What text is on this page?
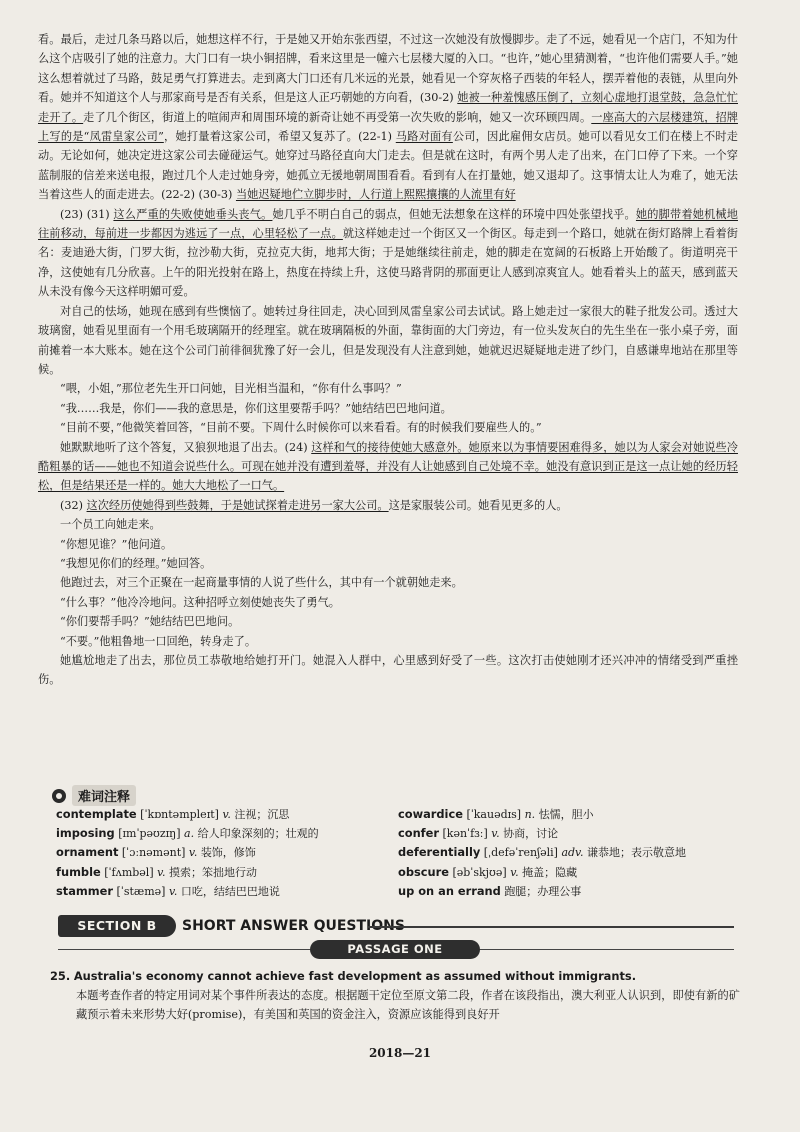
看。最后，走过几条马路以后，她想这样不行，于是她又开始东张西望，不过这一次她没有放慢脚步。走了不远，她看见一个店门，不知为什么这个店吸引了她的注意力。大门口有一块小铜招牌，看来这里是一幢六七层楼大厦的入口。“也许，”她心里猜测着，“也许他们需要人手。”她这么想着就过了马路，鼓足勇气打算进去。走到离大门口还有几米远的光景，她看见一个穿灰格子西装的年轻人，摆弄着他的表链，从里向外看。她并不知道这个人与那家商号是否有关系，但是这人正巧朝她的方向看，(30-2) 她被一种羞愧感压倒了，立刻心虚地打退堂鼓，急急忙忙走开了。走了几个街区，街道上的喧闹声和周围环境的新奇让她不再受第一次失败的影响，她又一次环顾四周。一座高大的六层楼建筑，招牌上写的是“凤雷皇家公司”，她打量着这家公司，希望又复苏了。(22-1) 马路对面有公司，因此雇佣女店员。她可以看见女工们在楼上不时走动。无论如何，她决定进这家公司去碰碰运气。她穿过马路径直向大门走去。但是就在这时，有两个男人走了出来，在门口停了下来。一个穿蓝制服的信差来送电报，跑过几个人走过她身旁，她孤立无援地朝周围看看。看到有人在打量她，她又退却了。这事情太让人为难了，她无法当着这些人的面走进去。(22-2) (30-3) 当她迟疑地伫立脚步时，人行道上熙熙攘攘的人流里有好

(23) (31) 这么严重的失败使她垂头丧气。她几乎不明白自己的弱点，但她无法想象在这样的环境中四处张望找乎。她的脚带着她机械地往前移动，每前进一步都因为逃远了一点，心里轻松了一点。就这样她走过一个街区又一个街区。每走到一个路口，她就在街灯路牌上看着街名：麦迪逊大街，门罗大街，拉沙勒大街，克拉克大街，地邦大街；于是她继续往前走，她的脚走在宽阔的石板路上开始酸了。街道明亮干净，这使她有几分欣喜。上午的阳光投射在路上，热度在持续上升，这使马路背阴的那面更让人感到凉爽宜人。她看着头上的蓝天，感到蓝天从未没有像今天这样明媚可爱。

对自己的怯场，她现在感到有些懊恼了。她转过身往回走，决心回到凤雷皇家公司去试试。路上她走过一家很大的鞋子批发公司。透过大玻璃窗，她看见里面有一个用毛玻璃隔开的经理室。就在玻璃隔板的外面，靠街面的大门旁边，有一位头发灰白的先生坐在一张小桌子旁，面前摊着一本大账本。她在这个公司门前徘徊犹豫了好一会儿，但是发现没有人注意到她，她就迟迟疑疑地走进了纱门，自感谦卑地站在那里等候。

“喂，小姐，”那位老先生开口问她，目光相当温和，“你有什么事吗？”

“我……我是，你们——我的意思是，你们这里要帮手吗？”她结结巴巴地问道。

“目前不要，”他微笑着回答，“目前不要。下周什么时候你可以来看看。有的时候我们要雇些人的。”

她默默地听了这个答复，又狼狈地退了出去。(24) 这样和气的接待使她大感意外。她原来以为事情要困难得多，她以为人家会对她说些冷酷粗暴的话——她也不知道会说些什么。可现在她并没有遭到羞辱，并没有人让她感到自己处境不幸。她没有意识到正是这一点让她的经历轻松，但是结果还是一样的。她大大地松了一口气。

(32) 这次经历使她得到些鼓舞，于是她试探着走进另一家大公司。这是家服装公司。她看见更多的人。

一个员工向她走来。

“你想见谁？”他问道。

“我想见你们的经理。”她回答。

他跑过去，对三个正聚在一起商量事情的人说了些什么，其中有一个就朝她走来。

“什么事？”他冷冷地问。这种招呼立刻使她丧失了勇气。

“你们要帮手吗？”她结结巴巴地问。

“不要。”他粗鲁地一口回绝，转身走了。

她尴尬地走了出去，那位员工恭敬地给她打开门。她混入人群中，心里感到好受了一些。这次打击使她刚才还兴冲冲的情绪受到严重挫伤。

难词注释
contemplate [ˈkɒntəmpleɪt] v. 注视；沉思
imposing [ɪmˈpəʊzɪŋ] a. 给人印象深刻的；壮观的
ornament [ˈɔːnəmənt] v. 装饰，修饰
fumble [ˈfʌmbəl] v. 摸索；笨拙地行动
stammer [ˈstæmə] v. 口吃，结结巴巴地说
cowardice [ˈkauədɪs] n. 怯懦，胆小
confer [kənˈfɜː] v. 协商，讨论
deferentially [ˌdefəˈrenʃəli] adv. 谦恭地；表示敬意地
obscure [əbˈskjʊə] v. 掩盖；隐藏
up on an errand 跑腿；办理公事
SECTION B	SHORT ANSWER QUESTIONS
PASSAGE ONE
25. Australia's economy cannot achieve fast development as assumed without immigrants.
本题考查作者的特定用词对某个事件所表达的态度。根据题干定位至原文第二段，作者在该段指出，澳大利亚人认识到，即使有新的矿藏预示着未来形势大好(promise)，有美国和英国的资金注入，资源应该能得到良好开
2018—21
